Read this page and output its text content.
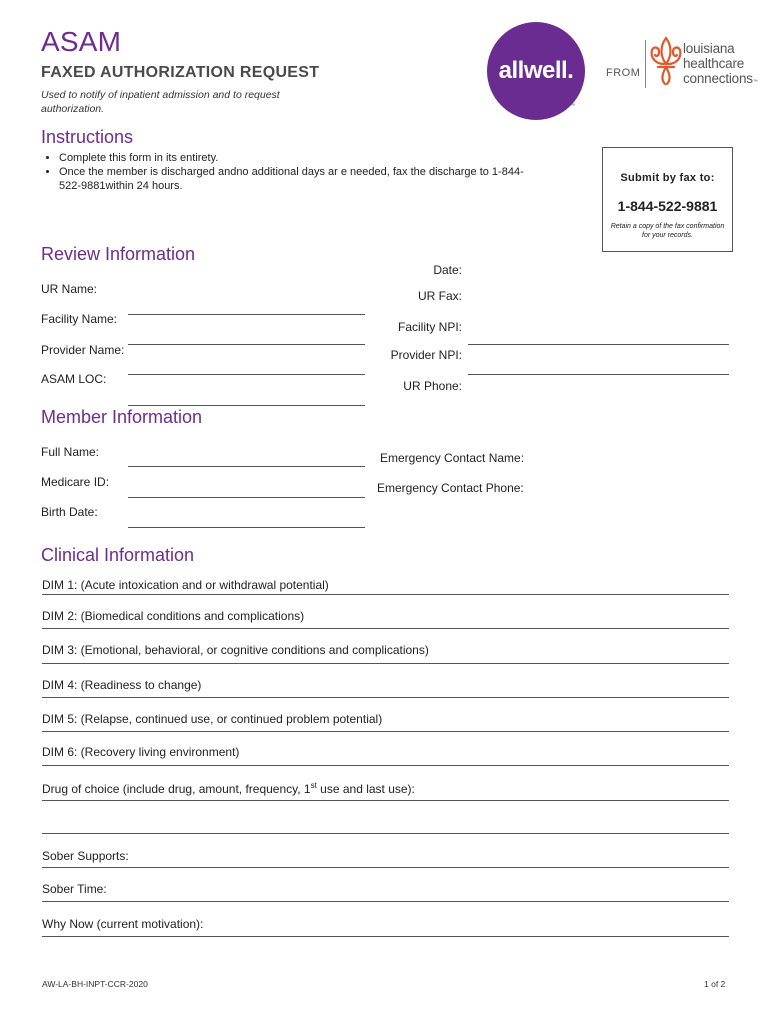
ASAM
FAXED AUTHORIZATION REQUEST
Used to notify of inpatient admission and to request authorization.
allwell.
™
FROM
louisiana
healthcare
connections™
Instructions
• Complete this form in its entirety.
• Once the member is discharged andno additional days ar e needed, fax the discharge to 1-844-522-9881within 24 hours.
Submit by fax to:
1-844-522-9881
Retain a copy of the fax confirmation for your records.
Review Information
UR Name:
Facility Name:
Provider Name:
ASAM LOC:
Date:
UR Fax:
Facility NPI:
Provider NPI:
UR Phone:
Member Information
Full Name:
Medicare ID:
Birth Date:
Emergency Contact Name:
Emergency Contact Phone:
Clinical Information
DIM 1: (Acute intoxication and or withdrawal potential)
DIM 2: (Biomedical conditions and complications)
DIM 3: (Emotional, behavioral, or cognitive conditions and complications)
DIM 4: (Readiness to change)
DIM 5: (Relapse, continued use, or continued problem potential)
DIM 6: (Recovery living environment)
Drug of choice (include drug, amount, frequency, 1st use and last use):
Sober Supports:
Sober Time:
Why Now (current motivation):
AW-LA-BH-INPT-CCR-2020	1 of 2
